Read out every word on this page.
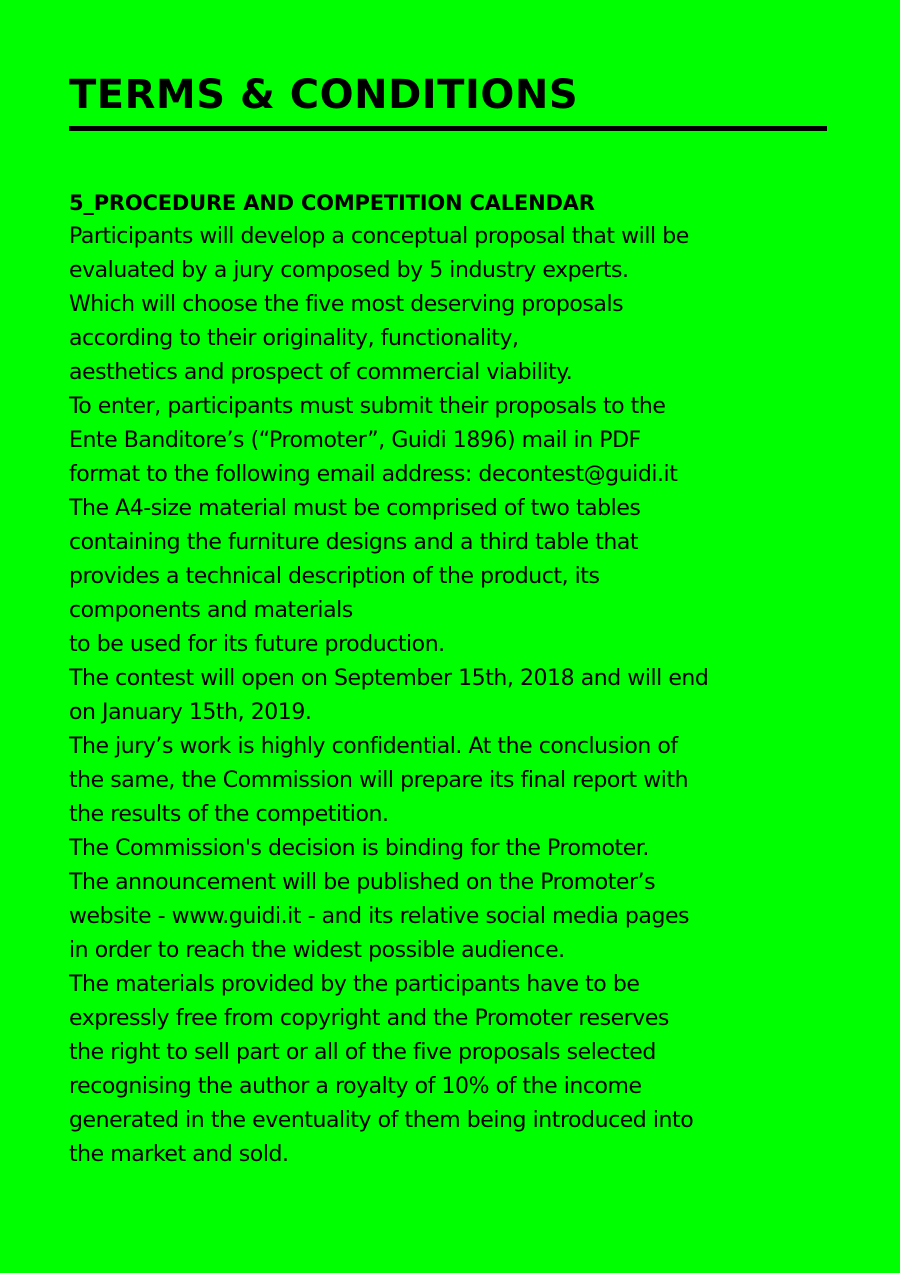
TERMS & CONDITIONS
5_PROCEDURE AND COMPETITION CALENDAR
Participants will develop a conceptual proposal that will be
evaluated by a jury composed by 5 industry experts.
Which will choose the five most deserving proposals
according to their originality, functionality,
aesthetics and prospect of commercial viability.
To enter, participants must submit their proposals to the
Ente Banditore’s (“Promoter”, Guidi 1896) mail in PDF
format to the following email address: decontest@guidi.it
The A4-size material must be comprised of two tables
containing the furniture designs and a third table that
provides a technical description of the product, its
components and materials
to be used for its future production.
The contest will open on September 15th, 2018 and will end
on January 15th, 2019.
The jury’s work is highly confidential. At the conclusion of
the same, the Commission will prepare its final report with
the results of the competition.
The Commission's decision is binding for the Promoter.
The announcement will be published on the Promoter’s
website - www.guidi.it - and its relative social media pages
in order to reach the widest possible audience.
The materials provided by the participants have to be
expressly free from copyright and the Promoter reserves
the right to sell part or all of the five proposals selected
recognising the author a royalty of 10% of the income
generated in the eventuality of them being introduced into
the market and sold.
